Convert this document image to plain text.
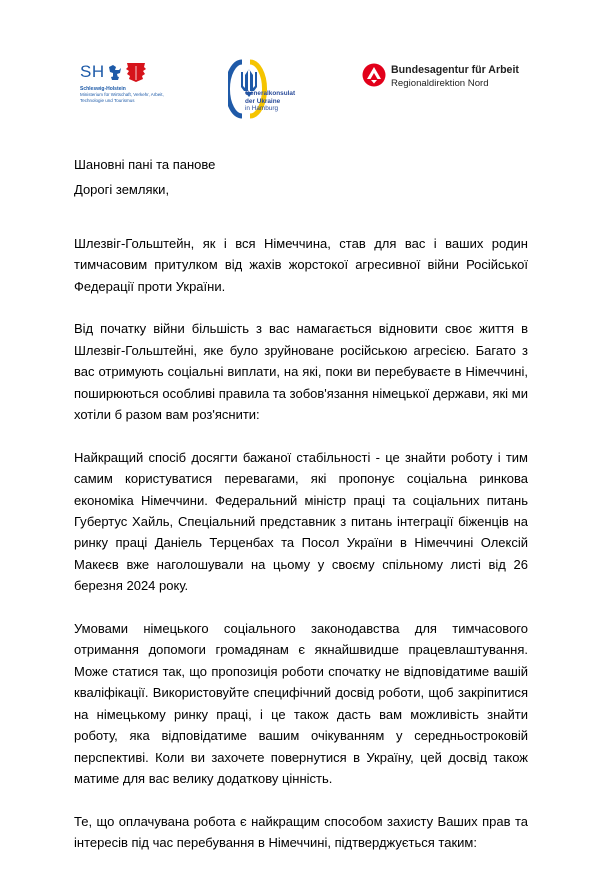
SH
Schleswig-Holstein
Ministerium für Wirtschaft, Verkehr, Arbeit, Technologie und Tourismus
Generalkonsulat
der Ukraine
in Hamburg
Bundesagentur für Arbeit
Regionaldirektion Nord

Шановні пані та панове

Дорогі земляки,

Шлезвіг-Гольштейн, як і вся Німеччина, став для вас і ваших родин тимчасовим притулком від жахів жорстокої агресивної війни Російської Федерації проти України.

Від початку війни більшість з вас намагається відновити своє життя в Шлезвіг-Гольштейні, яке було зруйноване російською агресією. Багато з вас отримують соціальні виплати, на які, поки ви перебуваєте в Німеччині, поширюються особливі правила та зобов'язання німецької держави, які ми хотіли б разом вам роз'яснити:

Найкращий спосіб досягти бажаної стабільності - це знайти роботу і тим самим користуватися перевагами, які пропонує соціальна ринкова економіка Німеччини. Федеральний міністр праці та соціальних питань Губертус Хайль, Спеціальний представник з питань інтеграції біженців на ринку праці Даніель Терценбах та Посол України в Німеччині Олексій Макеєв вже наголошували на цьому у своєму спільному листі від 26 березня 2024 року.

Умовами німецького соціального законодавства для тимчасового отримання допомоги громадянам є якнайшвидше працевлаштування. Може статися так, що пропозиція роботи спочатку не відповідатиме вашій кваліфікації. Використовуйте специфічний досвід роботи, щоб закріпитися на німецькому ринку праці, і це також дасть вам можливість знайти роботу, яка відповідатиме вашим очікуванням у середньостроковій перспективі. Коли ви захочете повернутися в Україну, цей досвід також матиме для вас велику додаткову цінність.

Те, що оплачувана робота є найкращим способом захисту Ваших прав та інтересів під час перебування в Німеччині, підтверджується таким:
